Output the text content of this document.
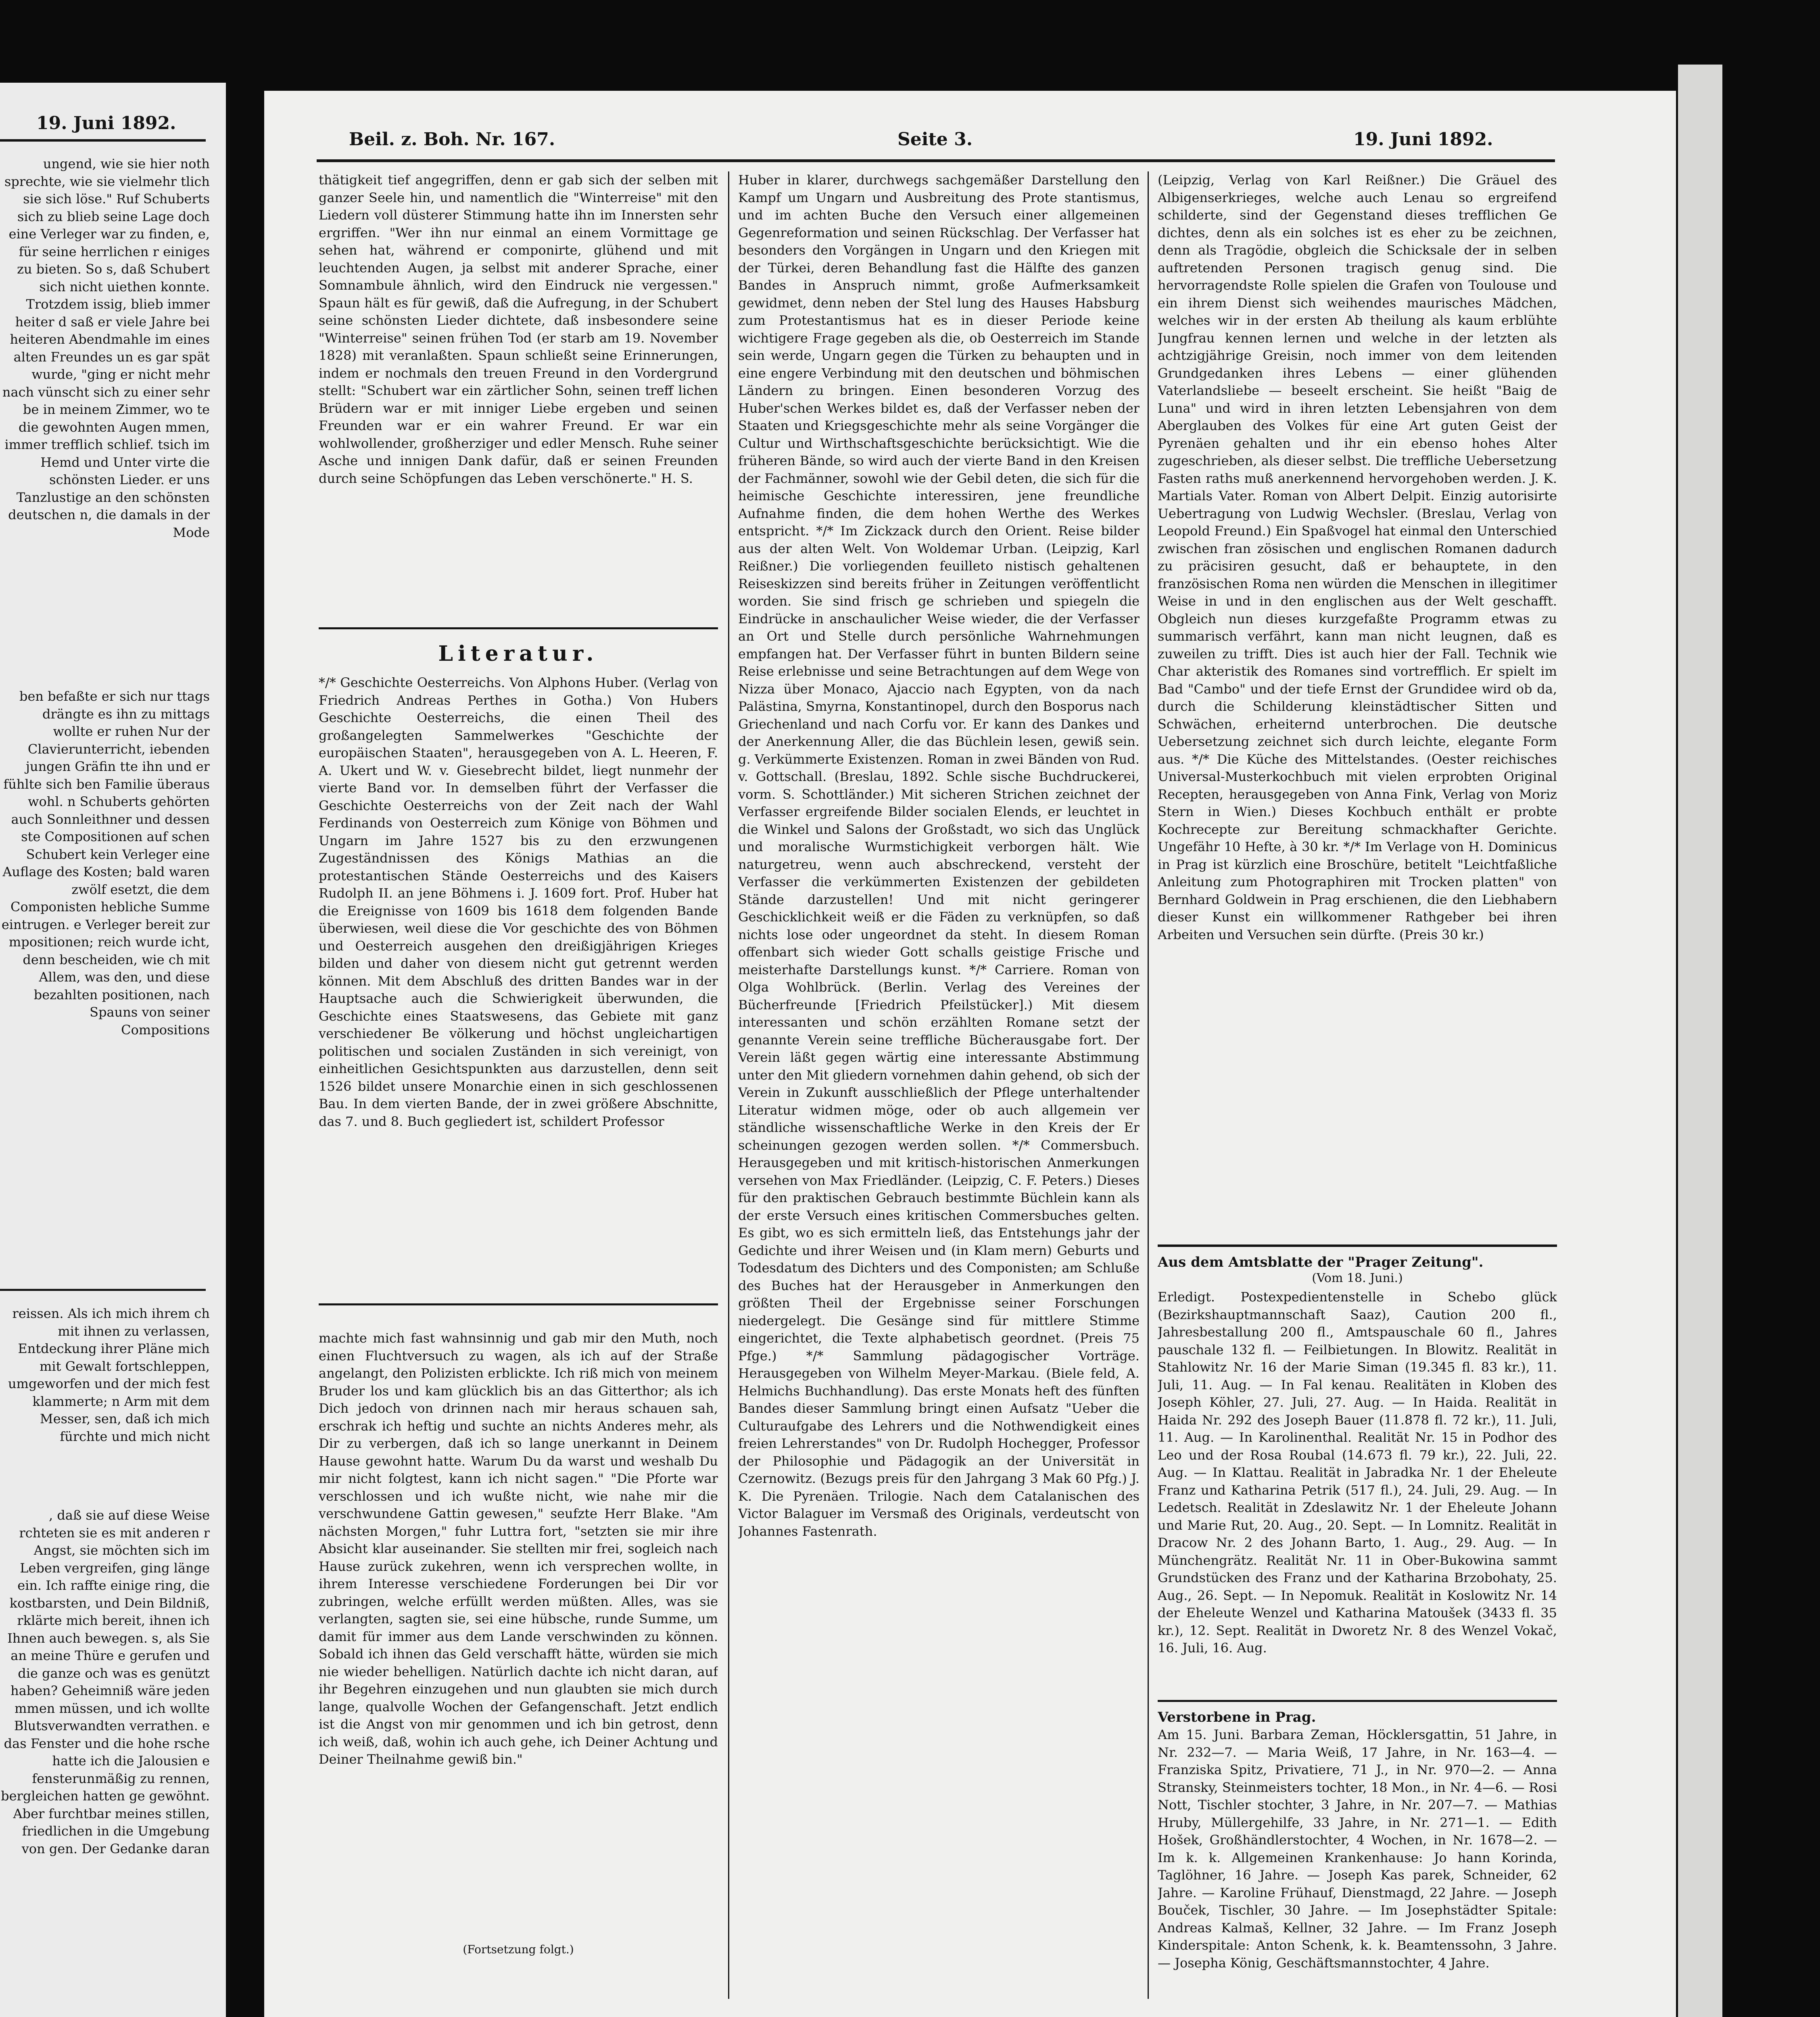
19. Juni 1892.

ungend, wie sie hier noth sprechte, wie sie vielmehr tlich sie sich löse." Ruf Schuberts sich zu blieb seine Lage doch eine Verleger war zu finden, e, für seine herrlichen r einiges zu bieten. So s, daß Schubert sich nicht uiethen konnte. Trotzdem issig, blieb immer heiter d saß er viele Jahre bei heiteren Abendmahle im eines alten Freundes un es gar spät wurde, "ging er nicht mehr nach vünscht sich zu einer sehr be in meinem Zimmer, wo te die gewohnten Augen mmen, immer trefflich schlief. tsich im Hemd und Unter virte die schönsten Lieder. er uns Tanzlustige an den schönsten deutschen n, die damals in der Mode

ben befaßte er sich nur ttags drängte es ihn zu mittags wollte er ruhen Nur der Clavierunterricht, iebenden jungen Gräfin tte ihn und er fühlte sich ben Familie überaus wohl. n Schuberts gehörten auch Sonnleithner und dessen ste Compositionen auf schen Schubert kein Verleger eine Auflage des Kosten; bald waren zwölf esetzt, die dem Componisten hebliche Summe eintrugen. e Verleger bereit zur mpositionen; reich wurde icht, denn bescheiden, wie ch mit Allem, was den, und diese bezahlten positionen, nach Spauns von seiner Compositions

reissen. Als ich mich ihrem ch mit ihnen zu verlassen, Entdeckung ihrer Pläne mich mit Gewalt fortschleppen, umgeworfen und der mich fest klammerte; n Arm mit dem Messer, sen, daß ich mich fürchte und mich nicht

, daß sie auf diese Weise rchteten sie es mit anderen r Angst, sie möchten sich im Leben vergreifen, ging länge ein. Ich raffte einige ring, die kostbarsten, und Dein Bildniß, rklärte mich bereit, ihnen ich Ihnen auch bewegen. s, als Sie an meine Thüre e gerufen und die ganze och was es genützt haben? Geheimniß wäre jeden mmen müssen, und ich wollte Blutsverwandten verrathen. e das Fenster und die hohe rsche hatte ich die Jalousien e fensterunmäßig zu rennen, bergleichen hatten ge gewöhnt. Aber furchtbar meines stillen, friedlichen in die Umgebung von gen. Der Gedanke daran

Beil. z. Boh. Nr. 167.	Seite 3.	19. Juni 1892.

thätigkeit tief angegriffen, denn er gab sich der selben mit ganzer Seele hin, und namentlich die "Winterreise" mit den Liedern voll düsterer Stimmung hatte ihn im Innersten sehr ergriffen. "Wer ihn nur einmal an einem Vormittage ge sehen hat, während er componirte, glühend und mit leuchtenden Augen, ja selbst mit anderer Sprache, einer Somnambule ähnlich, wird den Eindruck nie vergessen." Spaun hält es für gewiß, daß die Aufregung, in der Schubert seine schönsten Lieder dichtete, daß insbesondere seine "Winterreise" seinen frühen Tod (er starb am 19. November 1828) mit veranlaßten. Spaun schließt seine Erinnerungen, indem er nochmals den treuen Freund in den Vordergrund stellt: "Schubert war ein zärtlicher Sohn, seinen treff lichen Brüdern war er mit inniger Liebe ergeben und seinen Freunden war er ein wahrer Freund. Er war ein wohlwollender, großherziger und edler Mensch. Ruhe seiner Asche und innigen Dank dafür, daß er seinen Freunden durch seine Schöpfungen das Leben verschönerte." H. S.

Literatur.

*/* Geschichte Oesterreichs. Von Alphons Huber. (Verlag von Friedrich Andreas Perthes in Gotha.) Von Hubers Geschichte Oesterreichs, die einen Theil des großangelegten Sammelwerkes "Geschichte der europäischen Staaten", herausgegeben von A. L. Heeren, F. A. Ukert und W. v. Giesebrecht bildet, liegt nunmehr der vierte Band vor. In demselben führt der Verfasser die Geschichte Oesterreichs von der Zeit nach der Wahl Ferdinands von Oesterreich zum Könige von Böhmen und Ungarn im Jahre 1527 bis zu den erzwungenen Zugeständnissen des Königs Mathias an die protestantischen Stände Oesterreichs und des Kaisers Rudolph II. an jene Böhmens i. J. 1609 fort. Prof. Huber hat die Ereignisse von 1609 bis 1618 dem folgenden Bande überwiesen, weil diese die Vor geschichte des von Böhmen und Oesterreich ausgehen den dreißigjährigen Krieges bilden und daher von diesem nicht gut getrennt werden können. Mit dem Abschluß des dritten Bandes war in der Hauptsache auch die Schwierigkeit überwunden, die Geschichte eines Staatswesens, das Gebiete mit ganz verschiedener Be völkerung und höchst ungleichartigen politischen und socialen Zuständen in sich vereinigt, von einheitlichen Gesichtspunkten aus darzustellen, denn seit 1526 bildet unsere Monarchie einen in sich geschlossenen Bau. In dem vierten Bande, der in zwei größere Abschnitte, das 7. und 8. Buch gegliedert ist, schildert Professor

machte mich fast wahnsinnig und gab mir den Muth, noch einen Fluchtversuch zu wagen, als ich auf der Straße angelangt, den Polizisten erblickte. Ich riß mich von meinem Bruder los und kam glücklich bis an das Gitterthor; als ich Dich jedoch von drinnen nach mir heraus schauen sah, erschrak ich heftig und suchte an nichts Anderes mehr, als Dir zu verbergen, daß ich so lange unerkannt in Deinem Hause gewohnt hatte. Warum Du da warst und weshalb Du mir nicht folgtest, kann ich nicht sagen." "Die Pforte war verschlossen und ich wußte nicht, wie nahe mir die verschwundene Gattin gewesen," seufzte Herr Blake. "Am nächsten Morgen," fuhr Luttra fort, "setzten sie mir ihre Absicht klar auseinander. Sie stellten mir frei, sogleich nach Hause zurück zukehren, wenn ich versprechen wollte, in ihrem Interesse verschiedene Forderungen bei Dir vor zubringen, welche erfüllt werden müßten. Alles, was sie verlangten, sagten sie, sei eine hübsche, runde Summe, um damit für immer aus dem Lande verschwinden zu können. Sobald ich ihnen das Geld verschafft hätte, würden sie mich nie wieder behelligen. Natürlich dachte ich nicht daran, auf ihr Begehren einzugehen und nun glaubten sie mich durch lange, qualvolle Wochen der Gefangenschaft. Jetzt endlich ist die Angst von mir genommen und ich bin getrost, denn ich weiß, daß, wohin ich auch gehe, ich Deiner Achtung und Deiner Theilnahme gewiß bin."

(Fortsetzung folgt.)

Huber in klarer, durchwegs sachgemäßer Darstellung den Kampf um Ungarn und Ausbreitung des Prote stantismus, und im achten Buche den Versuch einer allgemeinen Gegenreformation und seinen Rückschlag. Der Verfasser hat besonders den Vorgängen in Ungarn und den Kriegen mit der Türkei, deren Behandlung fast die Hälfte des ganzen Bandes in Anspruch nimmt, große Aufmerksamkeit gewidmet, denn neben der Stel lung des Hauses Habsburg zum Protestantismus hat es in dieser Periode keine wichtigere Frage gegeben als die, ob Oesterreich im Stande sein werde, Ungarn gegen die Türken zu behaupten und in eine engere Verbindung mit den deutschen und böhmischen Ländern zu bringen. Einen besonderen Vorzug des Huber'schen Werkes bildet es, daß der Verfasser neben der Staaten und Kriegsgeschichte mehr als seine Vorgänger die Cultur und Wirthschaftsgeschichte berücksichtigt. Wie die früheren Bände, so wird auch der vierte Band in den Kreisen der Fachmänner, sowohl wie der Gebil deten, die sich für die heimische Geschichte interessiren, jene freundliche Aufnahme finden, die dem hohen Werthe des Werkes entspricht. */* Im Zickzack durch den Orient. Reise bilder aus der alten Welt. Von Woldemar Urban. (Leipzig, Karl Reißner.) Die vorliegenden feuilleto nistisch gehaltenen Reiseskizzen sind bereits früher in Zeitungen veröffentlicht worden. Sie sind frisch ge schrieben und spiegeln die Eindrücke in anschaulicher Weise wieder, die der Verfasser an Ort und Stelle durch persönliche Wahrnehmungen empfangen hat. Der Verfasser führt in bunten Bildern seine Reise erlebnisse und seine Betrachtungen auf dem Wege von Nizza über Monaco, Ajaccio nach Egypten, von da nach Palästina, Smyrna, Konstantinopel, durch den Bosporus nach Griechenland und nach Corfu vor. Er kann des Dankes und der Anerkennung Aller, die das Büchlein lesen, gewiß sein. g. Verkümmerte Existenzen. Roman in zwei Bänden von Rud. v. Gottschall. (Breslau, 1892. Schle sische Buchdruckerei, vorm. S. Schottländer.) Mit sicheren Strichen zeichnet der Verfasser ergreifende Bilder socialen Elends, er leuchtet in die Winkel und Salons der Großstadt, wo sich das Unglück und moralische Wurmstichigkeit verborgen hält. Wie naturgetreu, wenn auch abschreckend, versteht der Verfasser die verkümmerten Existenzen der gebildeten Stände darzustellen! Und mit nicht geringerer Geschicklichkeit weiß er die Fäden zu verknüpfen, so daß nichts lose oder ungeordnet da steht. In diesem Roman offenbart sich wieder Gott schalls geistige Frische und meisterhafte Darstellungs kunst. */* Carriere. Roman von Olga Wohlbrück. (Berlin. Verlag des Vereines der Bücherfreunde [Friedrich Pfeilstücker].) Mit diesem interessanten und schön erzählten Romane setzt der genannte Verein seine treffliche Bücherausgabe fort. Der Verein läßt gegen wärtig eine interessante Abstimmung unter den Mit gliedern vornehmen dahin gehend, ob sich der Verein in Zukunft ausschließlich der Pflege unterhaltender Literatur widmen möge, oder ob auch allgemein ver ständliche wissenschaftliche Werke in den Kreis der Er scheinungen gezogen werden sollen. */* Commersbuch. Herausgegeben und mit kritisch-historischen Anmerkungen versehen von Max Friedländer. (Leipzig, C. F. Peters.) Dieses für den praktischen Gebrauch bestimmte Büchlein kann als der erste Versuch eines kritischen Commersbuches gelten. Es gibt, wo es sich ermitteln ließ, das Entstehungs jahr der Gedichte und ihrer Weisen und (in Klam mern) Geburts und Todesdatum des Dichters und des Componisten; am Schluße des Buches hat der Herausgeber in Anmerkungen den größten Theil der Ergebnisse seiner Forschungen niedergelegt. Die Gesänge sind für mittlere Stimme eingerichtet, die Texte alphabetisch geordnet. (Preis 75 Pfge.) */* Sammlung pädagogischer Vorträge. Herausgegeben von Wilhelm Meyer-Markau. (Biele feld, A. Helmichs Buchhandlung). Das erste Monats heft des fünften Bandes dieser Sammlung bringt einen Aufsatz "Ueber die Culturaufgabe des Lehrers und die Nothwendigkeit eines freien Lehrerstandes" von Dr. Rudolph Hochegger, Professor der Philosophie und Pädagogik an der Universität in Czernowitz. (Bezugs preis für den Jahrgang 3 Mak 60 Pfg.) J. K. Die Pyrenäen. Trilogie. Nach dem Catalanischen des Victor Balaguer im Versmaß des Originals, verdeutscht von Johannes Fastenrath.

(Leipzig, Verlag von Karl Reißner.) Die Gräuel des Albigenserkrieges, welche auch Lenau so ergreifend schilderte, sind der Gegenstand dieses trefflichen Ge dichtes, denn als ein solches ist es eher zu be zeichnen, denn als Tragödie, obgleich die Schicksale der in selben auftretenden Personen tragisch genug sind. Die hervorragendste Rolle spielen die Grafen von Toulouse und ein ihrem Dienst sich weihendes maurisches Mädchen, welches wir in der ersten Ab theilung als kaum erblühte Jungfrau kennen lernen und welche in der letzten als achtzigjährige Greisin, noch immer von dem leitenden Grundgedanken ihres Lebens — einer glühenden Vaterlandsliebe — beseelt erscheint. Sie heißt "Baig de Luna" und wird in ihren letzten Lebensjahren von dem Aberglauben des Volkes für eine Art guten Geist der Pyrenäen gehalten und ihr ein ebenso hohes Alter zugeschrieben, als dieser selbst. Die treffliche Uebersetzung Fasten raths muß anerkennend hervorgehoben werden. J. K. Martials Vater. Roman von Albert Delpit. Einzig autorisirte Uebertragung von Ludwig Wechsler. (Breslau, Verlag von Leopold Freund.) Ein Spaßvogel hat einmal den Unterschied zwischen fran zösischen und englischen Romanen dadurch zu präcisiren gesucht, daß er behauptete, in den französischen Roma nen würden die Menschen in illegitimer Weise in und in den englischen aus der Welt geschafft. Obgleich nun dieses kurzgefaßte Programm etwas zu summarisch verfährt, kann man nicht leugnen, daß es zuweilen zu trifft. Dies ist auch hier der Fall. Technik wie Char akteristik des Romanes sind vortrefflich. Er spielt im Bad "Cambo" und der tiefe Ernst der Grundidee wird ob da, durch die Schilderung kleinstädtischer Sitten und Schwächen, erheiternd unterbrochen. Die deutsche Uebersetzung zeichnet sich durch leichte, elegante Form aus. */* Die Küche des Mittelstandes. (Oester reichisches Universal-Musterkochbuch mit vielen erprobten Original Recepten, herausgegeben von Anna Fink, Verlag von Moriz Stern in Wien.) Dieses Kochbuch enthält er probte Kochrecepte zur Bereitung schmackhafter Gerichte. Ungefähr 10 Hefte, à 30 kr. */* Im Verlage von H. Dominicus in Prag ist kürzlich eine Broschüre, betitelt "Leichtfaßliche Anleitung zum Photographiren mit Trocken platten" von Bernhard Goldwein in Prag erschienen, die den Liebhabern dieser Kunst ein willkommener Rathgeber bei ihren Arbeiten und Versuchen sein dürfte. (Preis 30 kr.)

Aus dem Amtsblatte der "Prager Zeitung".

(Vom 18. Juni.)

Erledigt. Postexpedientenstelle in Schebo glück (Bezirkshauptmannschaft Saaz), Caution 200 fl., Jahresbestallung 200 fl., Amtspauschale 60 fl., Jahres pauschale 132 fl. — Feilbietungen. In Blowitz. Realität in Stahlowitz Nr. 16 der Marie Siman (19.345 fl. 83 kr.), 11. Juli, 11. Aug. — In Fal kenau. Realitäten in Kloben des Joseph Köhler, 27. Juli, 27. Aug. — In Haida. Realität in Haida Nr. 292 des Joseph Bauer (11.878 fl. 72 kr.), 11. Juli, 11. Aug. — In Karolinenthal. Realität Nr. 15 in Podhor des Leo und der Rosa Roubal (14.673 fl. 79 kr.), 22. Juli, 22. Aug. — In Klattau. Realität in Jabradka Nr. 1 der Eheleute Franz und Katharina Petrik (517 fl.), 24. Juli, 29. Aug. — In Ledetsch. Realität in Zdeslawitz Nr. 1 der Eheleute Johann und Marie Rut, 20. Aug., 20. Sept. — In Lomnitz. Realität in Dracow Nr. 2 des Johann Barto, 1. Aug., 29. Aug. — In Münchengrätz. Realität Nr. 11 in Ober-Bukowina sammt Grundstücken des Franz und der Katharina Brzobohaty, 25. Aug., 26. Sept. — In Nepomuk. Realität in Koslowitz Nr. 14 der Eheleute Wenzel und Katharina Matoušek (3433 fl. 35 kr.), 12. Sept. Realität in Dworetz Nr. 8 des Wenzel Vokač, 16. Juli, 16. Aug.

Verstorbene in Prag.

Am 15. Juni. Barbara Zeman, Höcklersgattin, 51 Jahre, in Nr. 232—7. — Maria Weiß, 17 Jahre, in Nr. 163—4. — Franziska Spitz, Privatiere, 71 J., in Nr. 970—2. — Anna Stransky, Steinmeisters tochter, 18 Mon., in Nr. 4—6. — Rosi Nott, Tischler stochter, 3 Jahre, in Nr. 207—7. — Mathias Hruby, Müllergehilfe, 33 Jahre, in Nr. 271—1. — Edith Hošek, Großhändlerstochter, 4 Wochen, in Nr. 1678—2. — Im k. k. Allgemeinen Krankenhause: Jo hann Korinda, Taglöhner, 16 Jahre. — Joseph Kas parek, Schneider, 62 Jahre. — Karoline Frühauf, Dienstmagd, 22 Jahre. — Joseph Bouček, Tischler, 30 Jahre. — Im Josephstädter Spitale: Andreas Kalmaš, Kellner, 32 Jahre. — Im Franz Joseph Kinderspitale: Anton Schenk, k. k. Beamtenssohn, 3 Jahre. — Josepha König, Geschäftsmannstochter, 4 Jahre.
